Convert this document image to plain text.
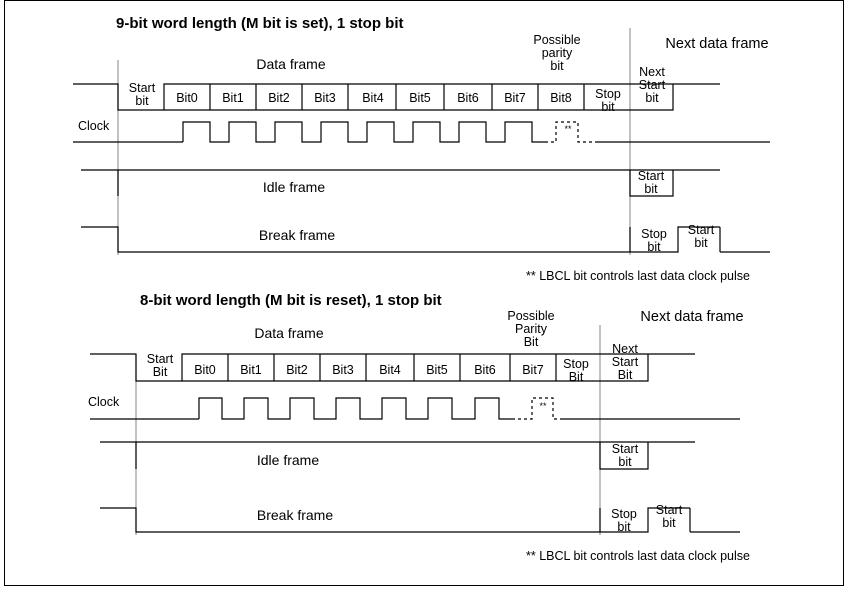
9-bit word length (M bit is set), 1 stop bit
Possible
parity
bit
Next data frame
Data frame
Start
bit	Bit0	Bit1	Bit2	Bit3	Bit4	Bit5	Bit6	Bit7	Bit8	Stop
bit
Next
Start
bit
Clock	**
Idle frame
Start
bit
Break frame	Stop
bit
Start
bit
** LBCL bit controls last data clock pulse
8-bit word length (M bit is reset), 1 stop bit
Possible
Parity
Bit
Next data frame
Data frame
Start
Bit	Bit0	Bit1	Bit2	Bit3	Bit4	Bit5	Bit6	Bit7	Stop
Bit
Next
Start
Bit
Clock	**
Idle frame
Start
bit
Break frame	Stop
bit
Start
bit
** LBCL bit controls last data clock pulse
